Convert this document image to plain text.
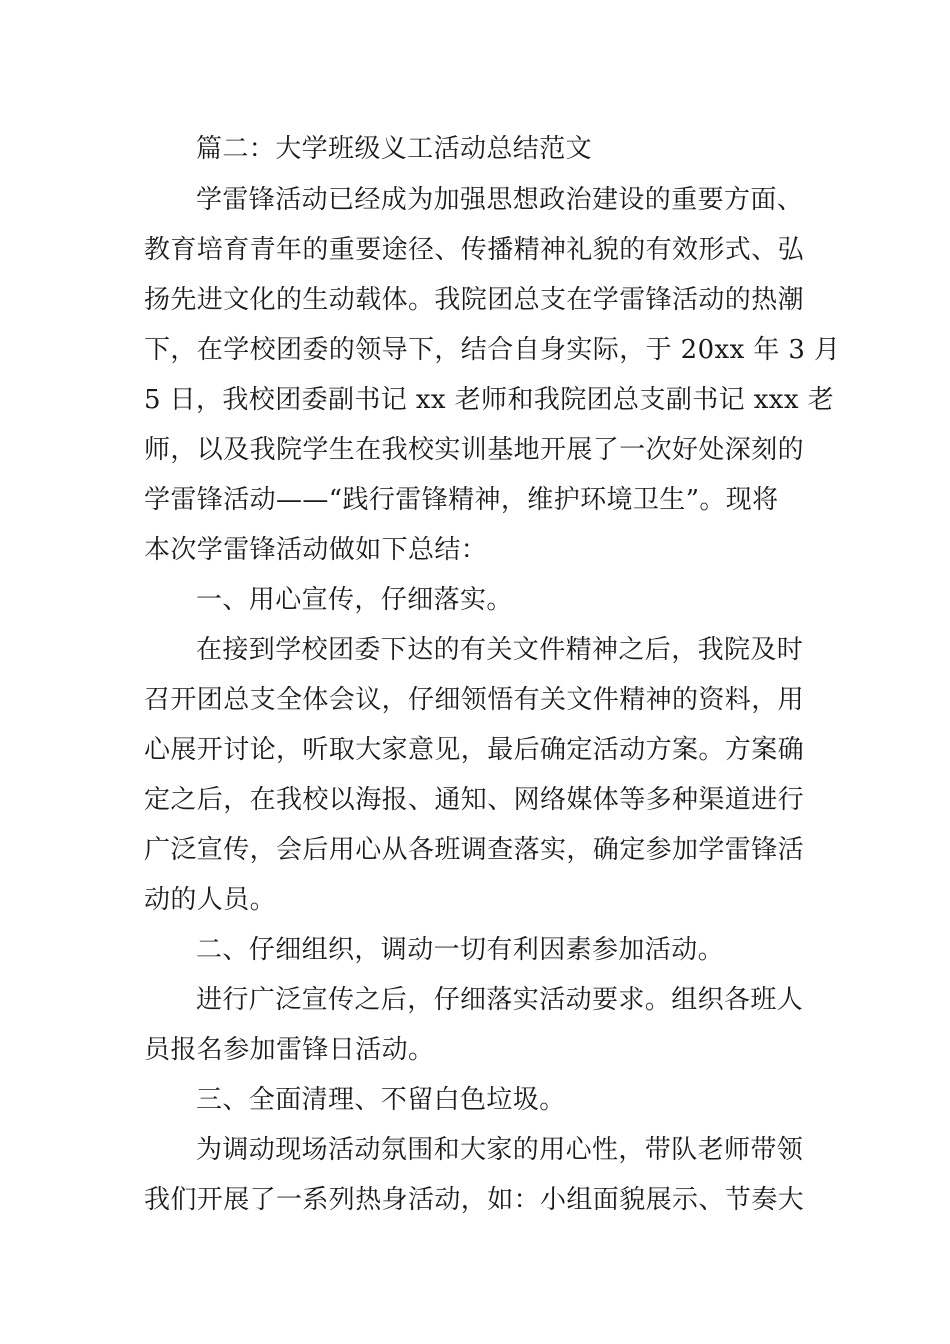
篇二：大学班级义工活动总结范文
学雷锋活动已经成为加强思想政治建设的重要方面、
教育培育青年的重要途径、传播精神礼貌的有效形式、弘
扬先进文化的生动载体。我院团总支在学雷锋活动的热潮
下，在学校团委的领导下，结合自身实际，于 20xx 年 3 月
5 日，我校团委副书记 xx 老师和我院团总支副书记 xxx 老
师，以及我院学生在我校实训基地开展了一次好处深刻的
学雷锋活动——“践行雷锋精神，维护环境卫生”。现将
本次学雷锋活动做如下总结：
一、用心宣传，仔细落实。
在接到学校团委下达的有关文件精神之后，我院及时
召开团总支全体会议，仔细领悟有关文件精神的资料，用
心展开讨论，听取大家意见，最后确定活动方案。方案确
定之后，在我校以海报、通知、网络媒体等多种渠道进行
广泛宣传，会后用心从各班调查落实，确定参加学雷锋活
动的人员。
二、仔细组织，调动一切有利因素参加活动。
进行广泛宣传之后，仔细落实活动要求。组织各班人
员报名参加雷锋日活动。
三、全面清理、不留白色垃圾。
为调动现场活动氛围和大家的用心性，带队老师带领
我们开展了一系列热身活动，如：小组面貌展示、节奏大
